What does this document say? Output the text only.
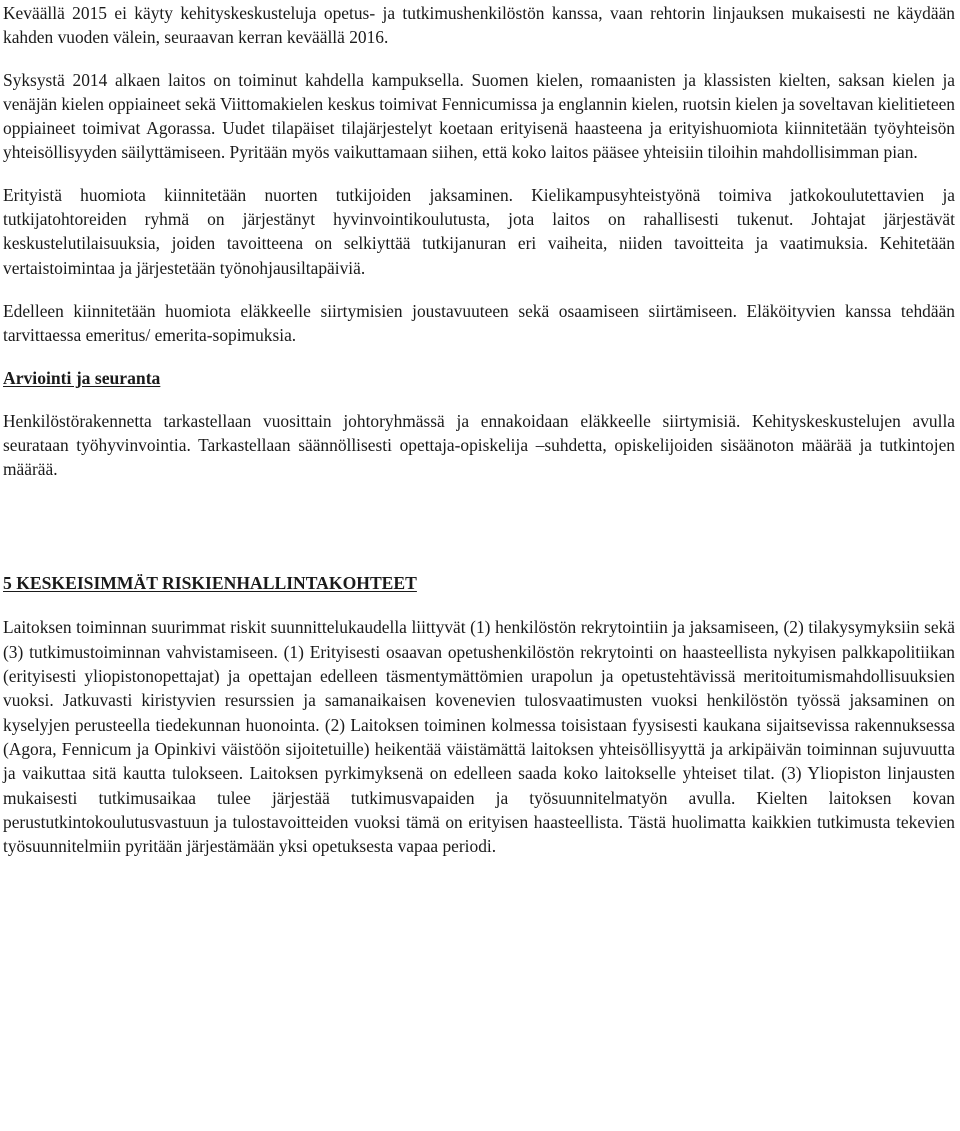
Keväällä 2015 ei käyty kehityskeskusteluja opetus- ja tutkimushenkilöstön kanssa, vaan rehtorin linjauksen mukaisesti ne käydään kahden vuoden välein, seuraavan kerran keväällä 2016.

Syksystä 2014 alkaen laitos on toiminut kahdella kampuksella. Suomen kielen, romaanisten ja klassisten kielten, saksan kielen ja venäjän kielen oppiaineet sekä Viittomakielen keskus toimivat Fennicumissa ja englannin kielen, ruotsin kielen ja soveltavan kielitieteen oppiaineet toimivat Agorassa. Uudet tilapäiset tilajärjestelyt koetaan erityisenä haasteena ja erityishuomiota kiinnitetään työyhteisön yhteisöllisyyden säilyttämiseen. Pyritään myös vaikuttamaan siihen, että koko laitos pääsee yhteisiin tiloihin mahdollisimman pian.

Erityistä huomiota kiinnitetään nuorten tutkijoiden jaksaminen. Kielikampusyhteistyönä toimiva jatkokoulutettavien ja tutkijatohtoreiden ryhmä on järjestänyt hyvinvointikoulutusta, jota laitos on rahallisesti tukenut. Johtajat järjestävät keskustelutilaisuuksia, joiden tavoitteena on selkiyttää tutkijanuran eri vaiheita, niiden tavoitteita ja vaatimuksia. Kehitetään vertaistoimintaa ja järjestetään työnohjausiltapäiviä.

Edelleen kiinnitetään huomiota eläkkeelle siirtymisien joustavuuteen sekä osaamiseen siirtämiseen. Eläköityvien kanssa tehdään tarvittaessa emeritus/ emerita-sopimuksia.

Arviointi ja seuranta

Henkilöstörakennetta tarkastellaan vuosittain johtoryhmässä ja ennakoidaan eläkkeelle siirtymisiä. Kehityskeskustelujen avulla seurataan työhyvinvointia. Tarkastellaan säännöllisesti opettaja-opiskelija –suhdetta, opiskelijoiden sisäänoton määrää ja tutkintojen määrää.

5 KESKEISIMMÄT RISKIENHALLINTAKOHTEET

Laitoksen toiminnan suurimmat riskit suunnittelukaudella liittyvät (1) henkilöstön rekrytointiin ja jaksamiseen, (2) tilakysymyksiin sekä (3) tutkimustoiminnan vahvistamiseen. (1) Erityisesti osaavan opetushenkilöstön rekrytointi on haasteellista nykyisen palkkapolitiikan (erityisesti yliopistonopettajat) ja opettajan edelleen täsmentymättömien urapolun ja opetustehtävissä meritoitumismahdollisuuksien vuoksi. Jatkuvasti kiristyvien resurssien ja samanaikaisen kovenevien tulosvaatimusten vuoksi henkilöstön työssä jaksaminen on kyselyjen perusteella tiedekunnan huonointa. (2) Laitoksen toiminen kolmessa toisistaan fyysisesti kaukana sijaitsevissa rakennuksessa (Agora, Fennicum ja Opinkivi väistöön sijoitetuille) heikentää väistämättä laitoksen yhteisöllisyyttä ja arkipäivän toiminnan sujuvuutta ja vaikuttaa sitä kautta tulokseen. Laitoksen pyrkimyksenä on edelleen saada koko laitokselle yhteiset tilat. (3) Yliopiston linjausten mukaisesti tutkimusaikaa tulee järjestää tutkimusvapaiden ja työsuunnitelmatyön avulla. Kielten laitoksen kovan perustutkintokoulutusvastuun ja tulostavoitteiden vuoksi tämä on erityisen haasteellista. Tästä huolimatta kaikkien tutkimusta tekevien työsuunnitelmiin pyritään järjestämään yksi opetuksesta vapaa periodi.
